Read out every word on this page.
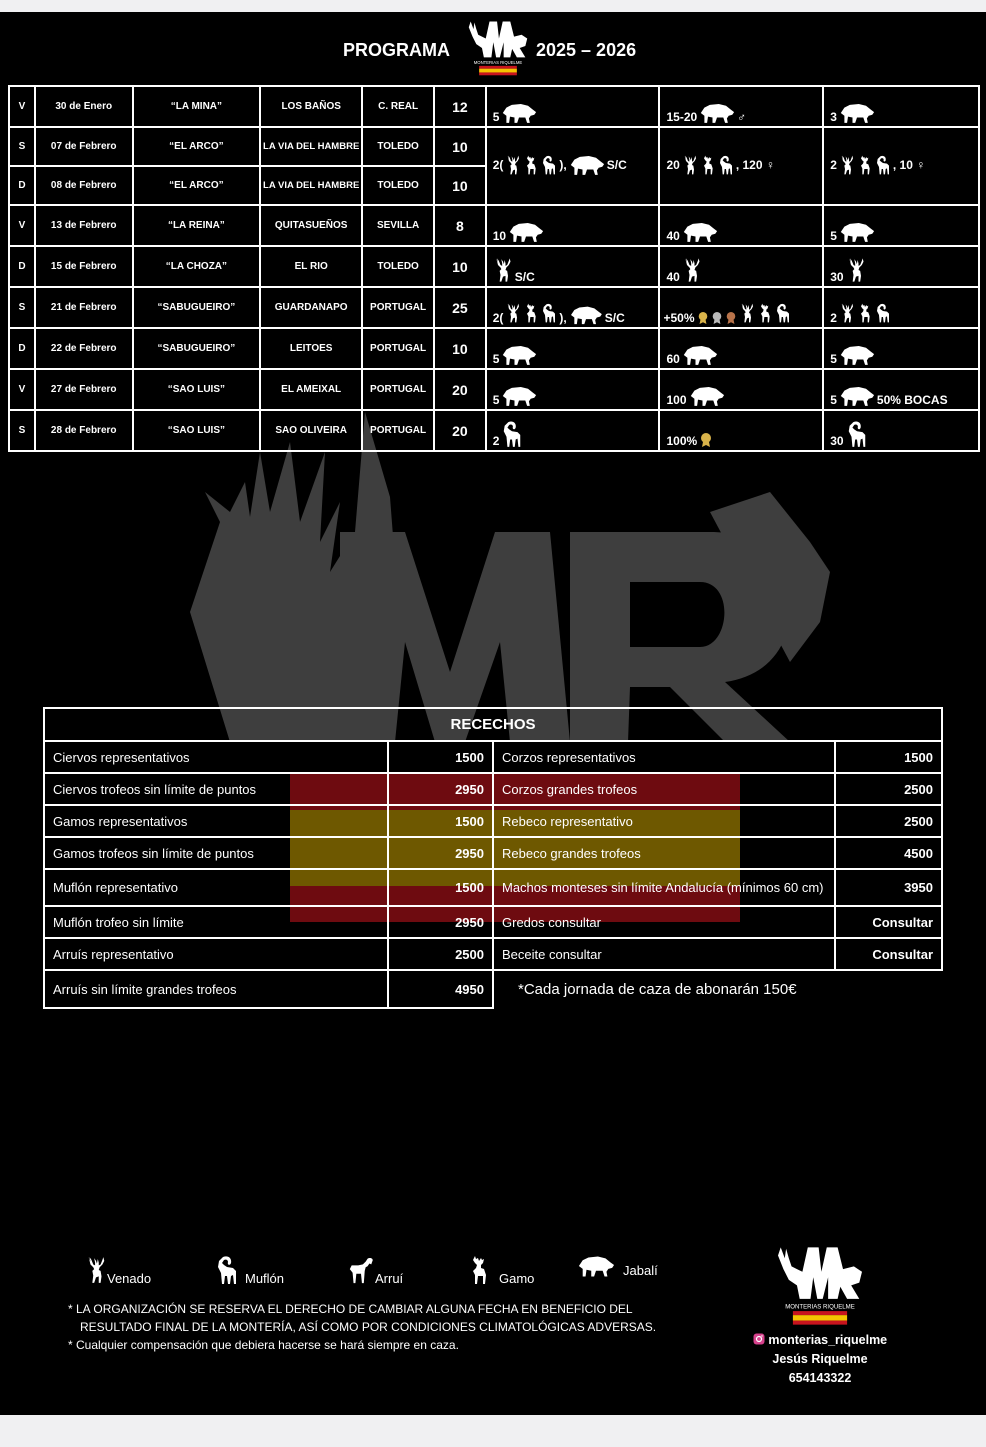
PROGRAMA	2025 – 2026
V	30 de Enero	“LA MINA”	LOS BAÑOS	C. REAL	12	5	15-20 ♂	3

S	07 de Febrero	“EL ARCO”	LA VIA DEL HAMBRE	TOLEDO	10	2( ), S/C	20 , 120 ♀	2 , 10 ♀

D	08 de Febrero	“EL ARCO”	LA VIA DEL HAMBRE	TOLEDO	10			
V	13 de Febrero	“LA REINA”	QUITASUEÑOS	SEVILLA	8	10	40	5

D	15 de Febrero	“LA CHOZA”	EL RIO	TOLEDO	10	S/C	40	30

S	21 de Febrero	“SABUGUEIRO”	GUARDANAPO	PORTUGAL	25	2( ), S/C	+50%	2

D	22 de Febrero	“SABUGUEIRO”	LEITOES	PORTUGAL	10	5	60	5

V	27 de Febrero	“SAO LUIS”	EL AMEIXAL	PORTUGAL	20	5	100	5 50% BOCAS

S	28 de Febrero	“SAO LUIS”	SAO OLIVEIRA	PORTUGAL	20	2	100%	30
RECECHOS			
Ciervos representativos	1500	Corzos representativos	1500
Ciervos trofeos sin límite de puntos	2950	Corzos grandes trofeos	2500
Gamos representativos	1500	Rebeco representativo	2500
Gamos trofeos sin límite de puntos	2950	Rebeco grandes trofeos	4500
Muflón representativo	1500	Machos monteses sin límite Andalucía (mínimos 60 cm)	3950
Muflón trofeo sin límite	2950	Gredos consultar	Consultar
Arruís representativo	2500	Beceite consultar	Consultar
Arruís sin límite grandes trofeos	4950	*Cada jornada de caza de abonarán 150€	
Venado	Muflón	Arruí	Gamo
Jabalí
* LA ORGANIZACIÓN SE RESERVA EL DERECHO DE CAMBIAR ALGUNA FECHA EN BENEFICIO DEL
RESULTADO FINAL DE LA MONTERÍA, ASÍ COMO POR CONDICIONES CLIMATOLÓGICAS ADVERSAS.
* Cualquier compensación que debiera hacerse se hará siempre en caza.	monterias_riquelme
Jesús Riquelme
654143322
